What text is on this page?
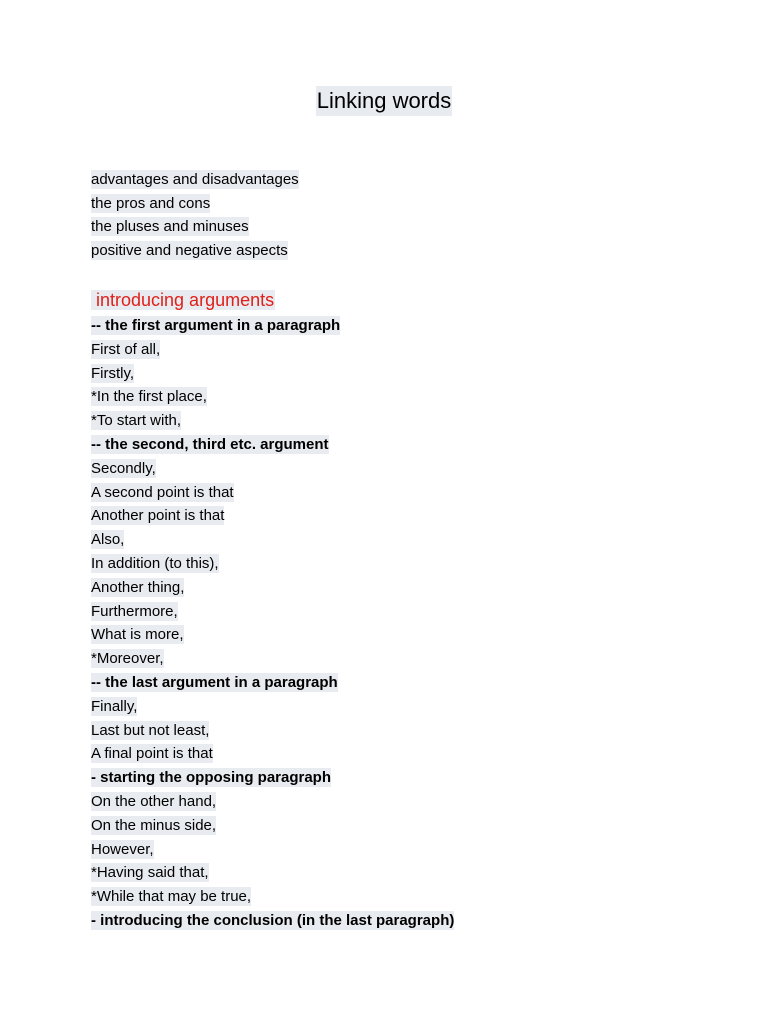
Linking words
advantages and disadvantages
the pros and cons
the pluses and minuses
positive and negative aspects
introducing arguments
-- the first argument in a paragraph
First of all,
Firstly,
*In the first place,
*To start with,
-- the second, third etc. argument
Secondly,
A second point is that
Another point is that
Also,
In addition (to this),
Another thing,
Furthermore,
What is more,
*Moreover,
-- the last argument in a paragraph
Finally,
Last but not least,
A final point is that
- starting the opposing paragraph
On the other hand,
On the minus side,
However,
*Having said that,
*While that may be true,
- introducing the conclusion (in the last paragraph)
